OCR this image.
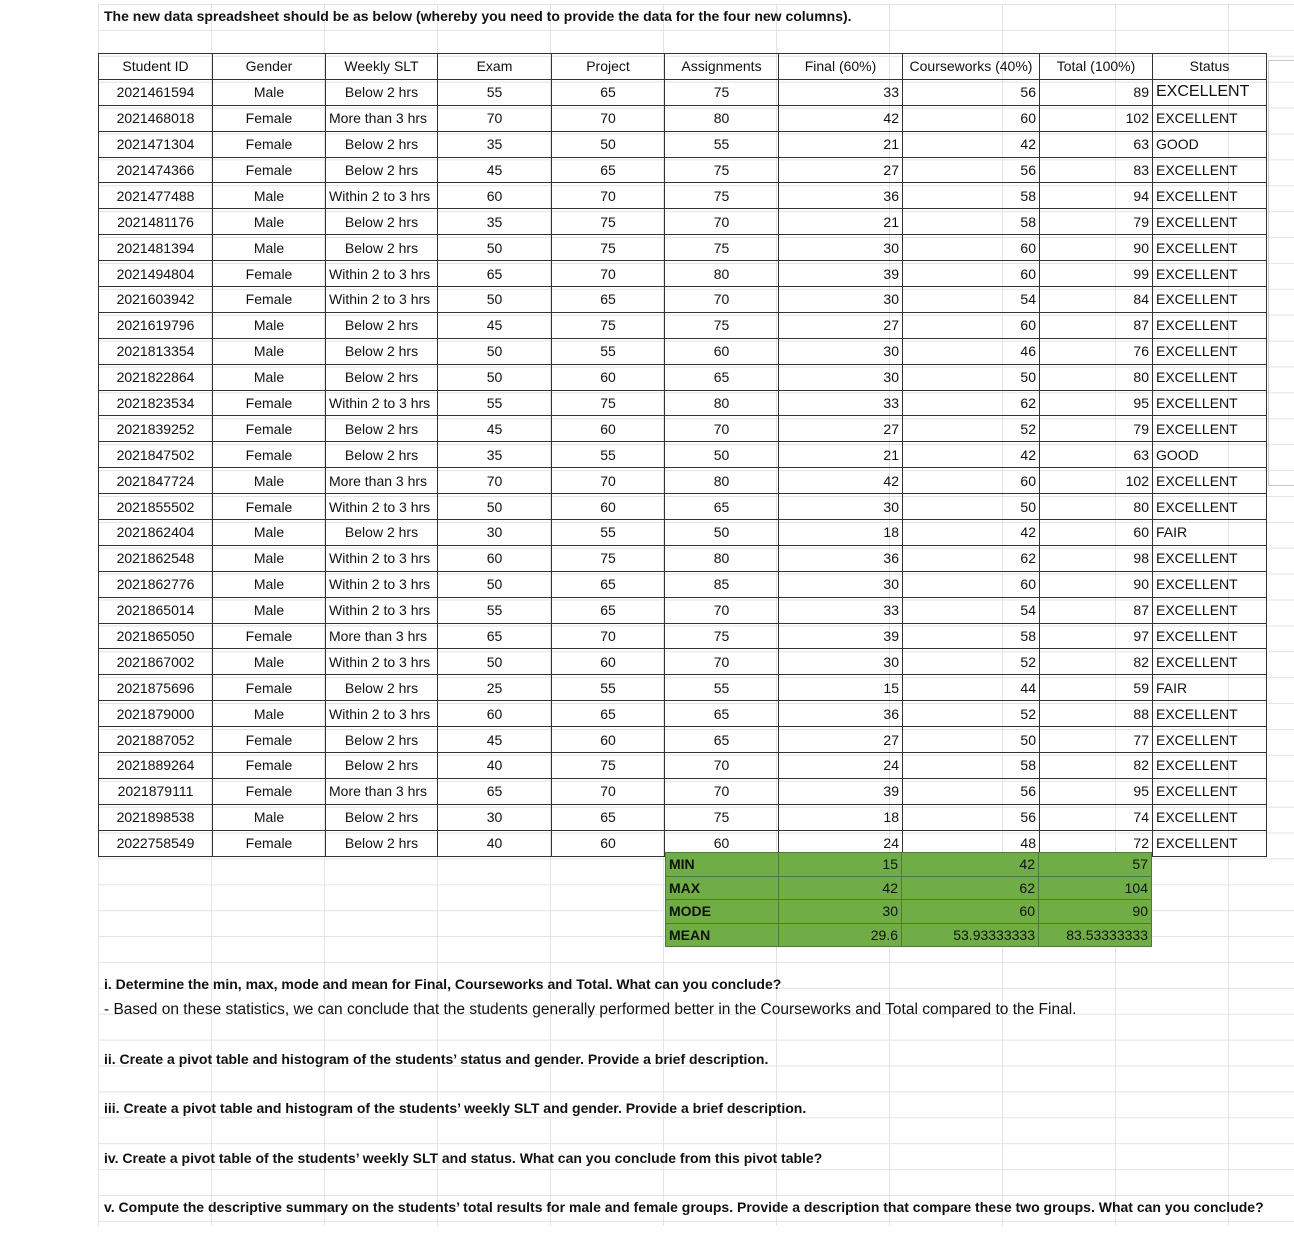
The new data spreadsheet should be as below (whereby you need to provide the data for the four new columns).
Student ID	Gender	Weekly SLT	Exam	Project	Assignments	Final (60%)	Courseworks (40%)	Total (100%)	Status
2021461594	Male	Below 2 hrs	55	65	75	33	56	89	EXCELLENT
2021468018	Female	More than 3 hrs	70	70	80	42	60	102	EXCELLENT
2021471304	Female	Below 2 hrs	35	50	55	21	42	63	GOOD
2021474366	Female	Below 2 hrs	45	65	75	27	56	83	EXCELLENT
2021477488	Male	Within 2 to 3 hrs	60	70	75	36	58	94	EXCELLENT
2021481176	Male	Below 2 hrs	35	75	70	21	58	79	EXCELLENT
2021481394	Male	Below 2 hrs	50	75	75	30	60	90	EXCELLENT
2021494804	Female	Within 2 to 3 hrs	65	70	80	39	60	99	EXCELLENT
2021603942	Female	Within 2 to 3 hrs	50	65	70	30	54	84	EXCELLENT
2021619796	Male	Below 2 hrs	45	75	75	27	60	87	EXCELLENT
2021813354	Male	Below 2 hrs	50	55	60	30	46	76	EXCELLENT
2021822864	Male	Below 2 hrs	50	60	65	30	50	80	EXCELLENT
2021823534	Female	Within 2 to 3 hrs	55	75	80	33	62	95	EXCELLENT
2021839252	Female	Below 2 hrs	45	60	70	27	52	79	EXCELLENT
2021847502	Female	Below 2 hrs	35	55	50	21	42	63	GOOD
2021847724	Male	More than 3 hrs	70	70	80	42	60	102	EXCELLENT
2021855502	Female	Within 2 to 3 hrs	50	60	65	30	50	80	EXCELLENT
2021862404	Male	Below 2 hrs	30	55	50	18	42	60	FAIR
2021862548	Male	Within 2 to 3 hrs	60	75	80	36	62	98	EXCELLENT
2021862776	Male	Within 2 to 3 hrs	50	65	85	30	60	90	EXCELLENT
2021865014	Male	Within 2 to 3 hrs	55	65	70	33	54	87	EXCELLENT
2021865050	Female	More than 3 hrs	65	70	75	39	58	97	EXCELLENT
2021867002	Male	Within 2 to 3 hrs	50	60	70	30	52	82	EXCELLENT
2021875696	Female	Below 2 hrs	25	55	55	15	44	59	FAIR
2021879000	Male	Within 2 to 3 hrs	60	65	65	36	52	88	EXCELLENT
2021887052	Female	Below 2 hrs	45	60	65	27	50	77	EXCELLENT
2021889264	Female	Below 2 hrs	40	75	70	24	58	82	EXCELLENT
2021879111	Female	More than 3 hrs	65	70	70	39	56	95	EXCELLENT
2021898538	Male	Below 2 hrs	30	65	75	18	56	74	EXCELLENT
2022758549	Female	Below 2 hrs	40	60	60	24	48	72	EXCELLENT
MIN	15	42	57
MAX	42	62	104
MODE	30	60	90
MEAN	29.6	53.93333333	83.53333333
i. Determine the min, max, mode and mean for Final, Courseworks and Total. What can you conclude?
- Based on these statistics, we can conclude that the students generally performed better in the Courseworks and Total compared to the Final.
ii. Create a pivot table and histogram of the students’ status and gender. Provide a brief description.
iii. Create a pivot table and histogram of the students’ weekly SLT and gender. Provide a brief description.
iv. Create a pivot table of the students’ weekly SLT and status. What can you conclude from this pivot table?
v. Compute the descriptive summary on the students’ total results for male and female groups. Provide a description that compare these two groups. What can you conclude?
